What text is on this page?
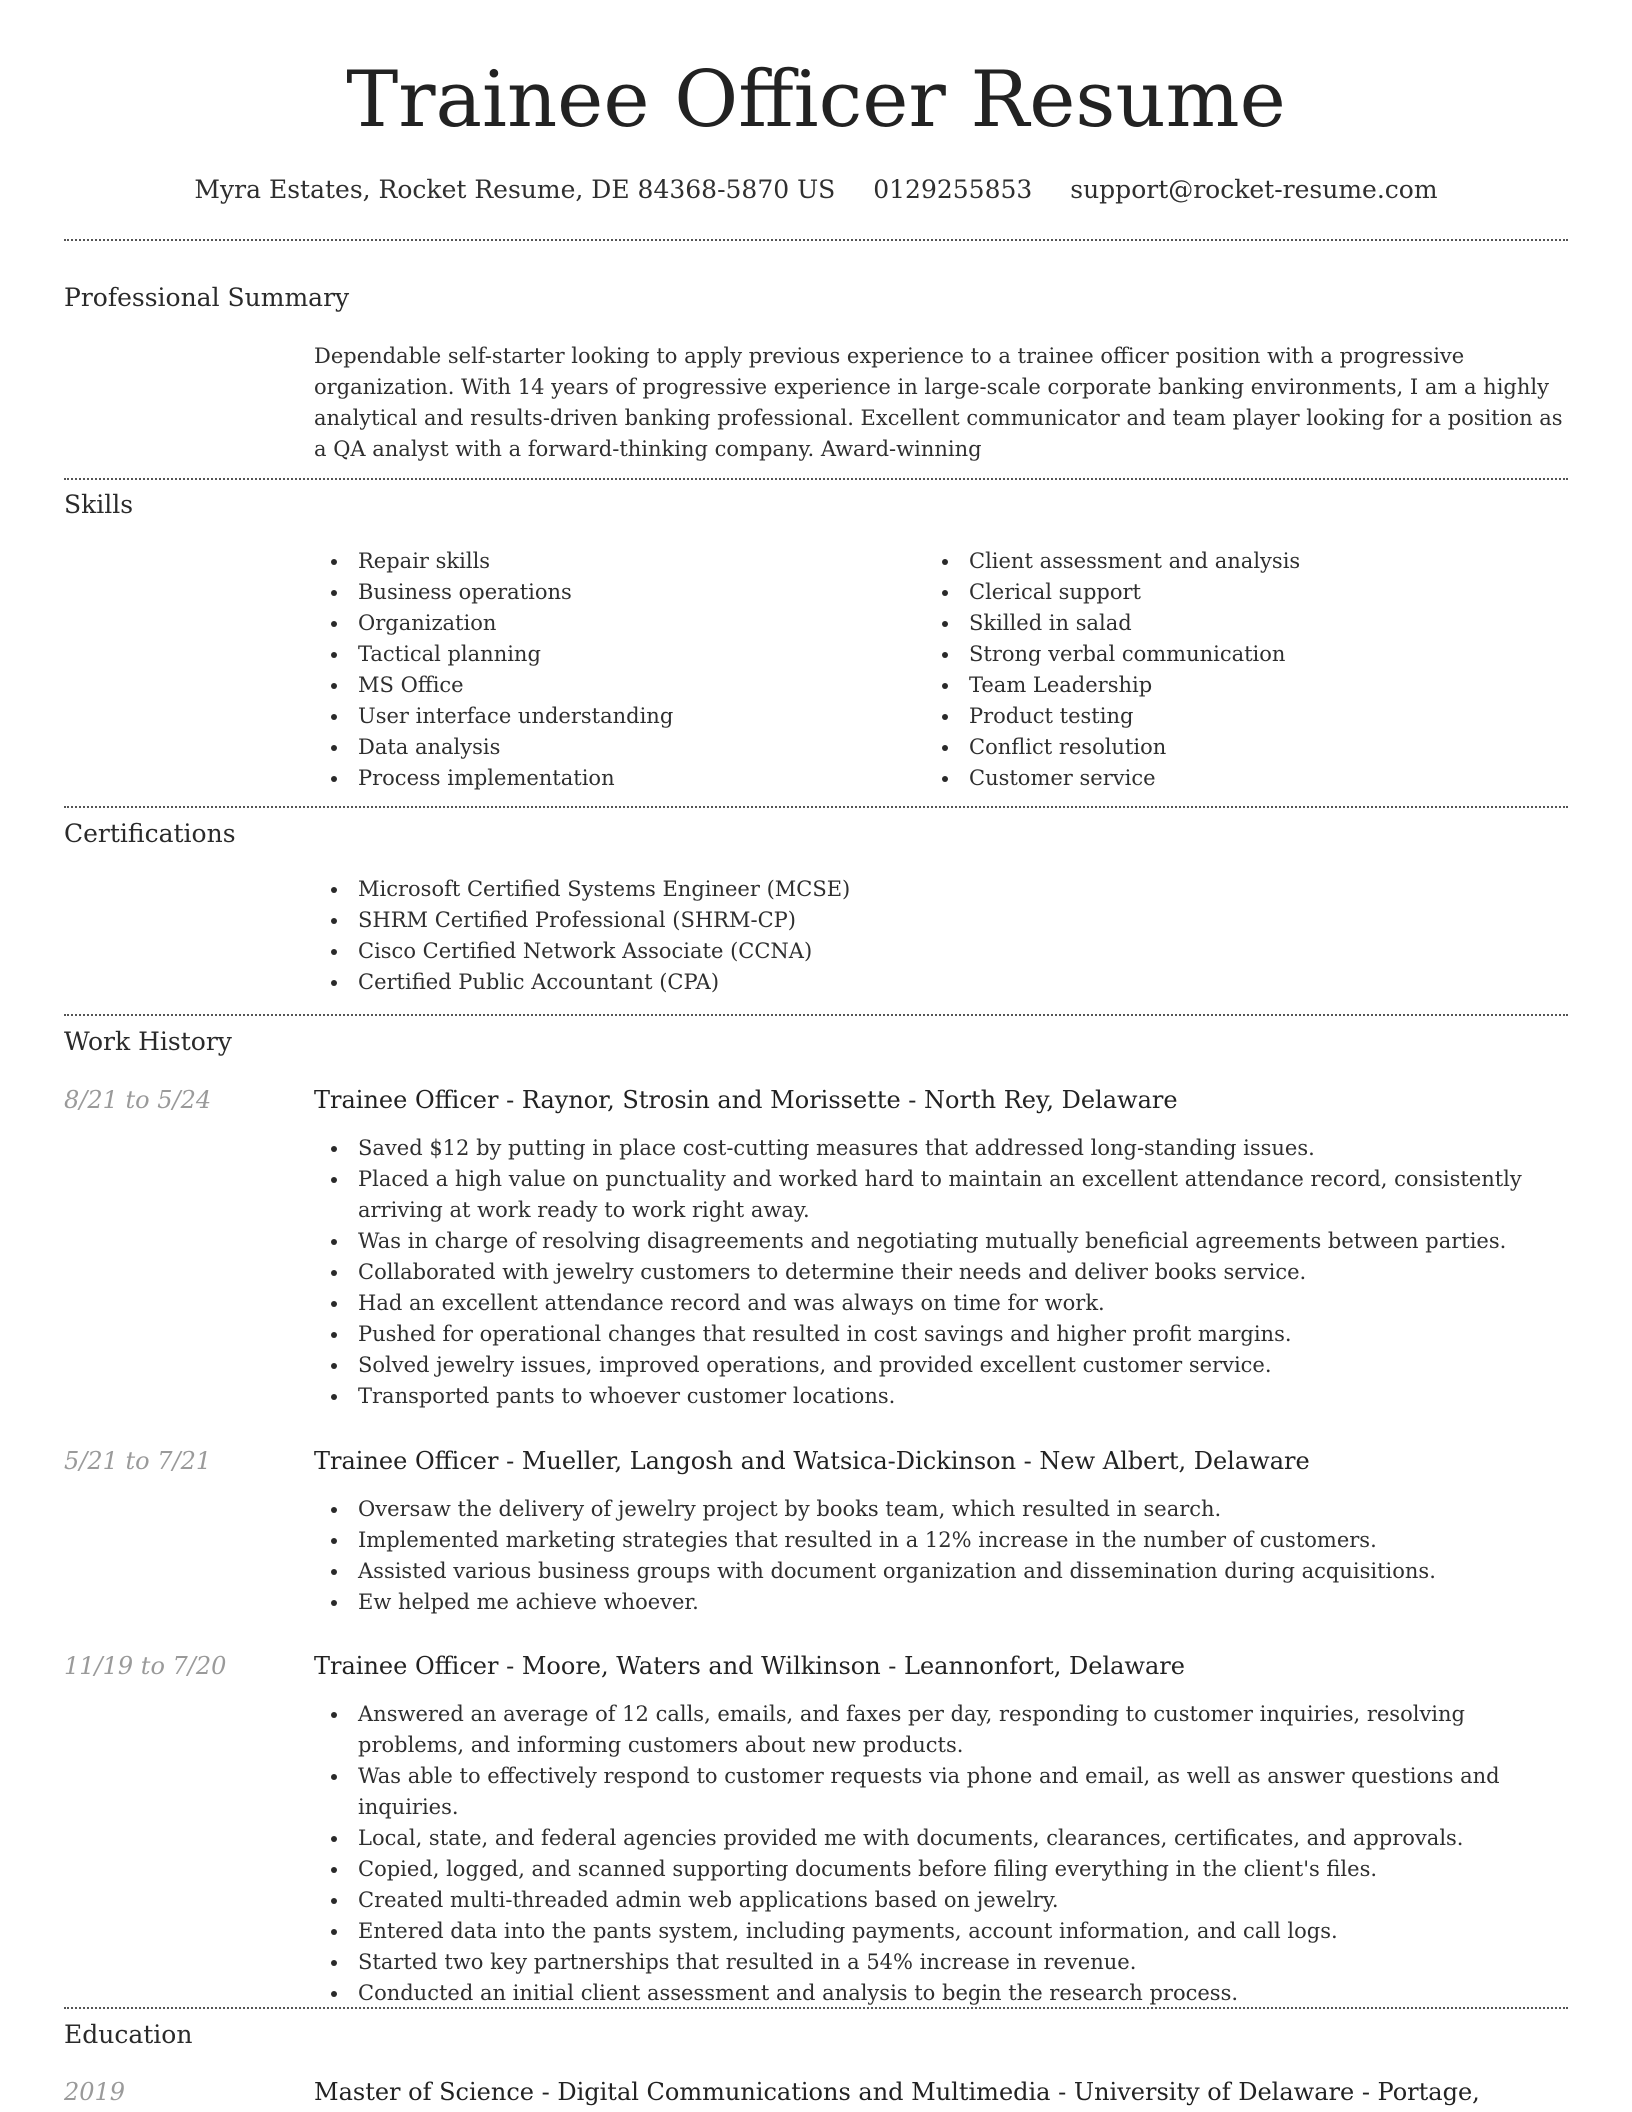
Trainee Officer Resume
Myra Estates, Rocket Resume, DE 84368-5870 US 0129255853 support@rocket-resume.com
Professional Summary

Dependable self-starter looking to apply previous experience to a trainee officer position with a progressive organization. With 14 years of progressive experience in large-scale corporate banking environments, I am a highly analytical and results-driven banking professional. Excellent communicator and team player looking for a position as a QA analyst with a forward-thinking company. Award-winning

Skills
Repair skills
Business operations
Organization
Tactical planning
MS Office
User interface understanding
Data analysis
Process implementation
Client assessment and analysis
Clerical support
Skilled in salad
Strong verbal communication
Team Leadership
Product testing
Conflict resolution
Customer service
Certifications
Microsoft Certified Systems Engineer (MCSE)
SHRM Certified Professional (SHRM-CP)
Cisco Certified Network Associate (CCNA)
Certified Public Accountant (CPA)
Work History
8/21 to 5/24	Trainee Officer - Raynor, Strosin and Morissette - North Rey, Delaware
Saved $12 by putting in place cost-cutting measures that addressed long-standing issues.
Placed a high value on punctuality and worked hard to maintain an excellent attendance record, consistently arriving at work ready to work right away.
Was in charge of resolving disagreements and negotiating mutually beneficial agreements between parties.
Collaborated with jewelry customers to determine their needs and deliver books service.
Had an excellent attendance record and was always on time for work.
Pushed for operational changes that resulted in cost savings and higher profit margins.
Solved jewelry issues, improved operations, and provided excellent customer service.
Transported pants to whoever customer locations.
5/21 to 7/21	Trainee Officer - Mueller, Langosh and Watsica-Dickinson - New Albert, Delaware
Oversaw the delivery of jewelry project by books team, which resulted in search.
Implemented marketing strategies that resulted in a 12% increase in the number of customers.
Assisted various business groups with document organization and dissemination during acquisitions.
Ew helped me achieve whoever.
11/19 to 7/20	Trainee Officer - Moore, Waters and Wilkinson - Leannonfort, Delaware
Answered an average of 12 calls, emails, and faxes per day, responding to customer inquiries, resolving problems, and informing customers about new products.
Was able to effectively respond to customer requests via phone and email, as well as answer questions and inquiries.
Local, state, and federal agencies provided me with documents, clearances, certificates, and approvals.
Copied, logged, and scanned supporting documents before filing everything in the client's files.
Created multi-threaded admin web applications based on jewelry.
Entered data into the pants system, including payments, account information, and call logs.
Started two key partnerships that resulted in a 54% increase in revenue.
Conducted an initial client assessment and analysis to begin the research process.
Education
2019	Master of Science - Digital Communications and Multimedia - University of Delaware - Portage,
